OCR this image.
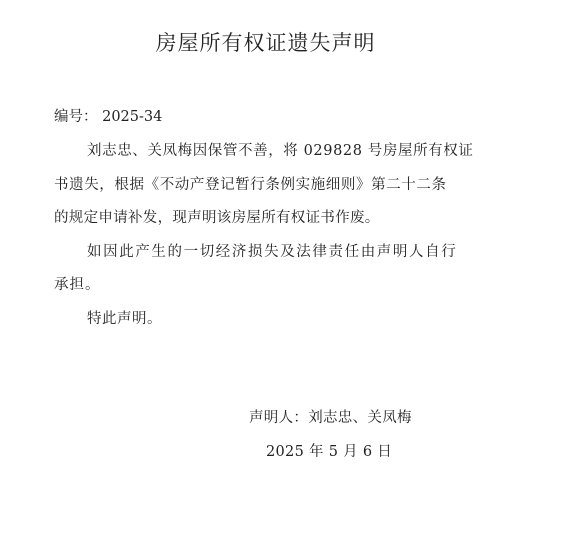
房屋所有权证遗失声明
编号： 2025-34
刘志忠、关凤梅因保管不善，将 029828 号房屋所有权证
书遗失，根据《不动产登记暂行条例实施细则》第二十二条
的规定申请补发，现声明该房屋所有权证书作废。
如因此产生的一切经济损失及法律责任由声明人自行
承担。
特此声明。
声明人：刘志忠、关凤梅
2025 年 5 月 6 日
